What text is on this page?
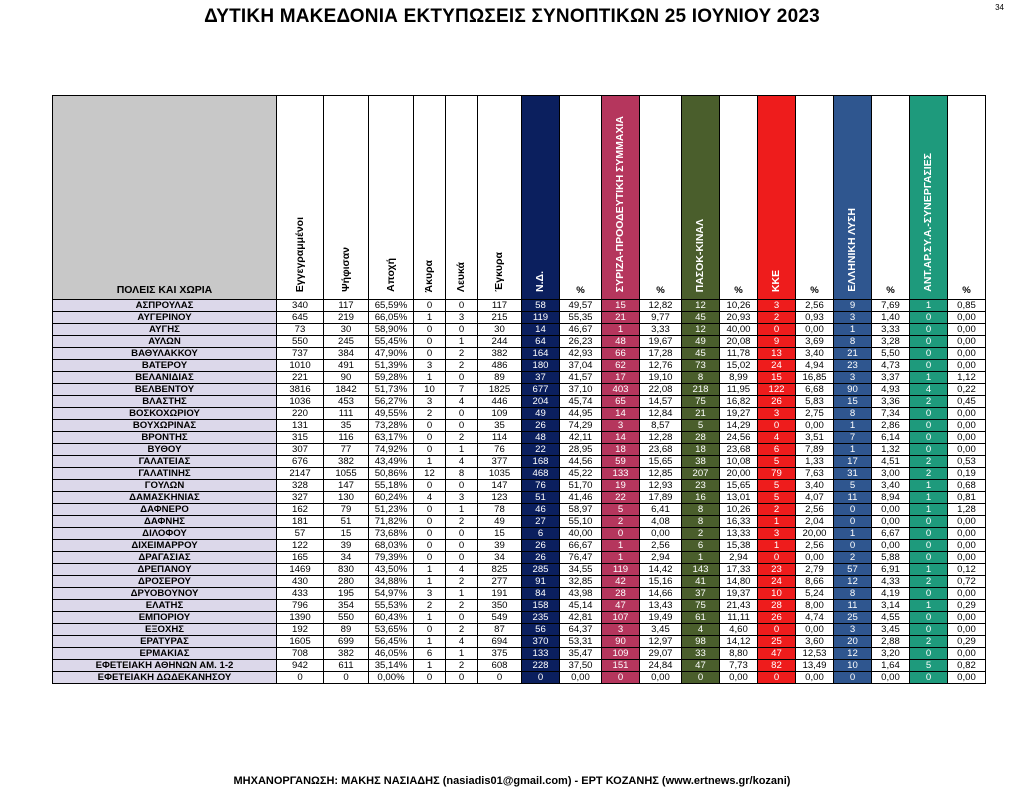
ΔΥΤΙΚΗ ΜΑΚΕΔΟΝΙΑ ΕΚΤΥΠΩΣΕΙΣ ΣΥΝΟΠΤΙΚΩΝ 25 ΙΟΥΝΙΟΥ 2023	34
ΠΟΛΕΙΣ ΚΑΙ ΧΩΡΙΑ	Εγγεγραμμένοι	Ψήφισαν	Αποχή	Άκυρα	Λευκά	Έγκυρα	Ν.Δ.	%	ΣΥΡΙΖΑ-ΠΡΟΟΔΕΥΤΙΚΗ ΣΥΜΜΑΧΙΑ	%	ΠΑΣΟΚ-ΚΙΝΑΛ	%	ΚΚΕ	%	ΕΛΛΗΝΙΚΗ ΛΥΣΗ	%	ΑΝΤ.ΑΡ.ΣΥ.Α.-ΣΥΝΕΡΓΑΣΙΕΣ	%
ΑΣΠΡΟΥΛΑΣ	340	117	65,59%	0	0	117	58	49,57	15	12,82	12	10,26	3	2,56	9	7,69	1	0,85
ΑΥΓΕΡΙΝΟΥ	645	219	66,05%	1	3	215	119	55,35	21	9,77	45	20,93	2	0,93	3	1,40	0	0,00
ΑΥΓΗΣ	73	30	58,90%	0	0	30	14	46,67	1	3,33	12	40,00	0	0,00	1	3,33	0	0,00
ΑΥΛΩΝ	550	245	55,45%	0	1	244	64	26,23	48	19,67	49	20,08	9	3,69	8	3,28	0	0,00
ΒΑΘΥΛΑΚΚΟΥ	737	384	47,90%	0	2	382	164	42,93	66	17,28	45	11,78	13	3,40	21	5,50	0	0,00
ΒΑΤΕΡΟΥ	1010	491	51,39%	3	2	486	180	37,04	62	12,76	73	15,02	24	4,94	23	4,73	0	0,00
ΒΕΛΑΝΙΔΙΑΣ	221	90	59,28%	1	0	89	37	41,57	17	19,10	8	8,99	15	16,85	3	3,37	1	1,12
ΒΕΛΒΕΝΤΟΥ	3816	1842	51,73%	10	7	1825	677	37,10	403	22,08	218	11,95	122	6,68	90	4,93	4	0,22
ΒΛΑΣΤΗΣ	1036	453	56,27%	3	4	446	204	45,74	65	14,57	75	16,82	26	5,83	15	3,36	2	0,45
ΒΟΣΚΟΧΩΡΙΟΥ	220	111	49,55%	2	0	109	49	44,95	14	12,84	21	19,27	3	2,75	8	7,34	0	0,00
ΒΟΥΧΩΡΙΝΑΣ	131	35	73,28%	0	0	35	26	74,29	3	8,57	5	14,29	0	0,00	1	2,86	0	0,00
ΒΡΟΝΤΗΣ	315	116	63,17%	0	2	114	48	42,11	14	12,28	28	24,56	4	3,51	7	6,14	0	0,00
ΒΥΘΟΥ	307	77	74,92%	0	1	76	22	28,95	18	23,68	18	23,68	6	7,89	1	1,32	0	0,00
ΓΑΛΑΤΕΙΑΣ	676	382	43,49%	1	4	377	168	44,56	59	15,65	38	10,08	5	1,33	17	4,51	2	0,53
ΓΑΛΑΤΙΝΗΣ	2147	1055	50,86%	12	8	1035	468	45,22	133	12,85	207	20,00	79	7,63	31	3,00	2	0,19
ΓΟΥΛΩΝ	328	147	55,18%	0	0	147	76	51,70	19	12,93	23	15,65	5	3,40	5	3,40	1	0,68
ΔΑΜΑΣΚΗΝΙΑΣ	327	130	60,24%	4	3	123	51	41,46	22	17,89	16	13,01	5	4,07	11	8,94	1	0,81
ΔΑΦΝΕΡΟ	162	79	51,23%	0	1	78	46	58,97	5	6,41	8	10,26	2	2,56	0	0,00	1	1,28
ΔΑΦΝΗΣ	181	51	71,82%	0	2	49	27	55,10	2	4,08	8	16,33	1	2,04	0	0,00	0	0,00
ΔΙΛΟΦΟΥ	57	15	73,68%	0	0	15	6	40,00	0	0,00	2	13,33	3	20,00	1	6,67	0	0,00
ΔΙΧΕΙΜΑΡΡΟΥ	122	39	68,03%	0	0	39	26	66,67	1	2,56	6	15,38	1	2,56	0	0,00	0	0,00
ΔΡΑΓΑΣΙΑΣ	165	34	79,39%	0	0	34	26	76,47	1	2,94	1	2,94	0	0,00	2	5,88	0	0,00
ΔΡΕΠΑΝΟΥ	1469	830	43,50%	1	4	825	285	34,55	119	14,42	143	17,33	23	2,79	57	6,91	1	0,12
ΔΡΟΣΕΡΟΥ	430	280	34,88%	1	2	277	91	32,85	42	15,16	41	14,80	24	8,66	12	4,33	2	0,72
ΔΡΥΟΒΟΥΝΟΥ	433	195	54,97%	3	1	191	84	43,98	28	14,66	37	19,37	10	5,24	8	4,19	0	0,00
ΕΛΑΤΗΣ	796	354	55,53%	2	2	350	158	45,14	47	13,43	75	21,43	28	8,00	11	3,14	1	0,29
ΕΜΠΟΡΙΟΥ	1390	550	60,43%	1	0	549	235	42,81	107	19,49	61	11,11	26	4,74	25	4,55	0	0,00
ΕΞΟΧΗΣ	192	89	53,65%	0	2	87	56	64,37	3	3,45	4	4,60	0	0,00	3	3,45	0	0,00
ΕΡΑΤΥΡΑΣ	1605	699	56,45%	1	4	694	370	53,31	90	12,97	98	14,12	25	3,60	20	2,88	2	0,29
ΕΡΜΑΚΙΑΣ	708	382	46,05%	6	1	375	133	35,47	109	29,07	33	8,80	47	12,53	12	3,20	0	0,00
ΕΦΕΤΕΙΑΚΗ ΑΘΗΝΩΝ ΑΜ. 1-2	942	611	35,14%	1	2	608	228	37,50	151	24,84	47	7,73	82	13,49	10	1,64	5	0,82
ΕΦΕΤΕΙΑΚΗ ΔΩΔΕΚΑΝΗΣΟΥ	0	0	0,00%	0	0	0	0	0,00	0	0,00	0	0,00	0	0,00	0	0,00	0	0,00
ΜΗΧΑΝΟΡΓΑΝΩΣΗ: ΜΑΚΗΣ ΝΑΣΙΑΔΗΣ (nasiadis01@gmail.com) - ΕΡΤ ΚΟΖΑΝΗΣ (www.ertnews.gr/kozani)
